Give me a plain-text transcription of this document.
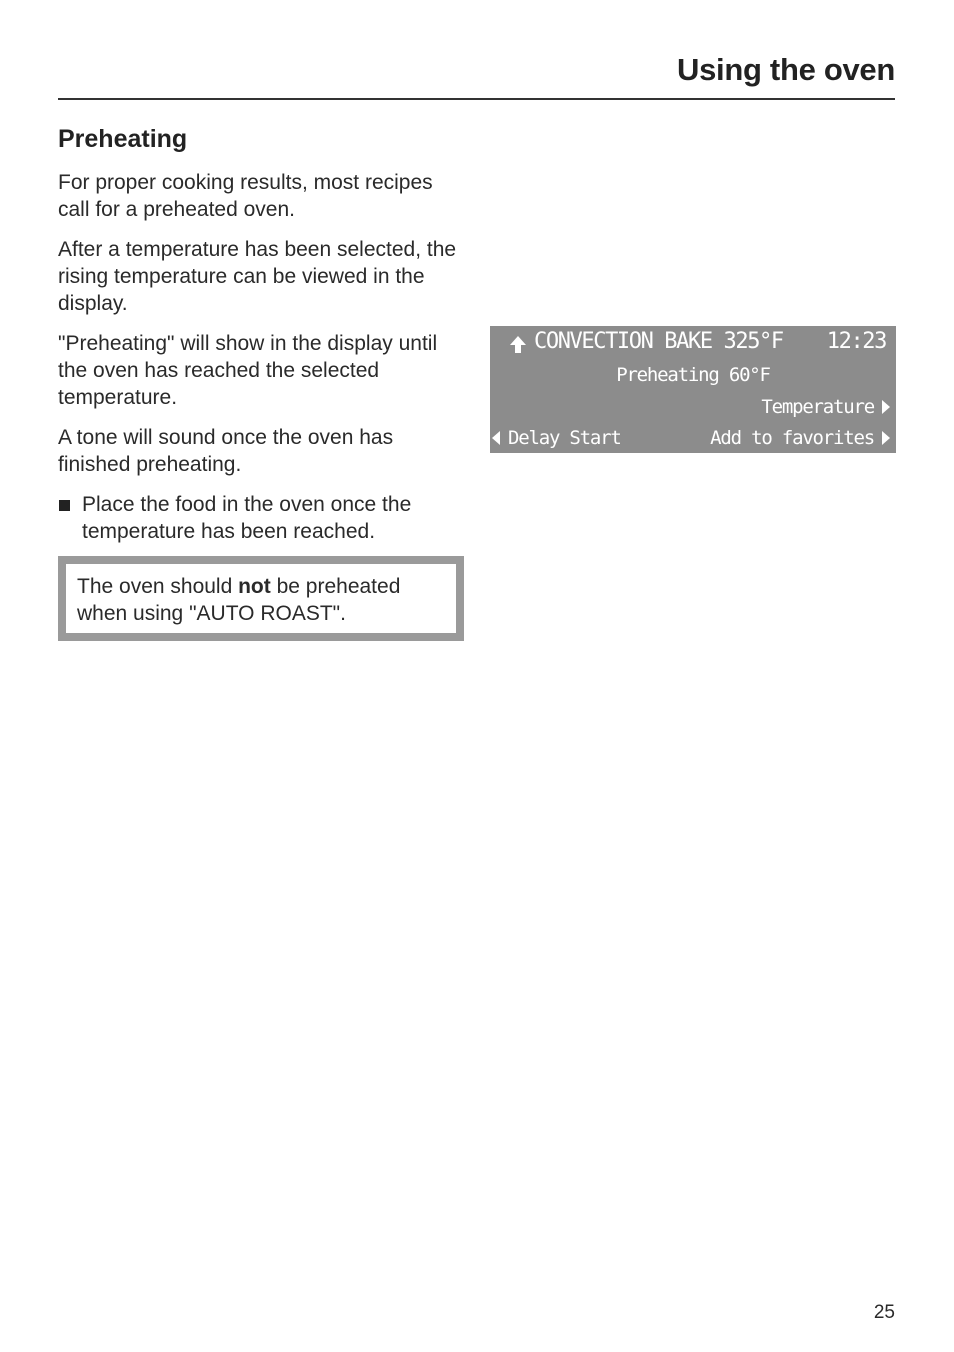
Using the oven
Preheating

For proper cooking results, most recipes call for a preheated oven.

After a temperature has been selected, the rising temperature can be viewed in the display.

"Preheating" will show in the display until the oven has reached the selected temperature.

A tone will sound once the oven has finished preheating.

Place the food in the oven once the temperature has been reached.
The oven should not be preheated when using "AUTO ROAST".
CONVECTION BAKE 325°F 12:23
Preheating 60°F
Temperature
Delay Start	Add to favorites
25
